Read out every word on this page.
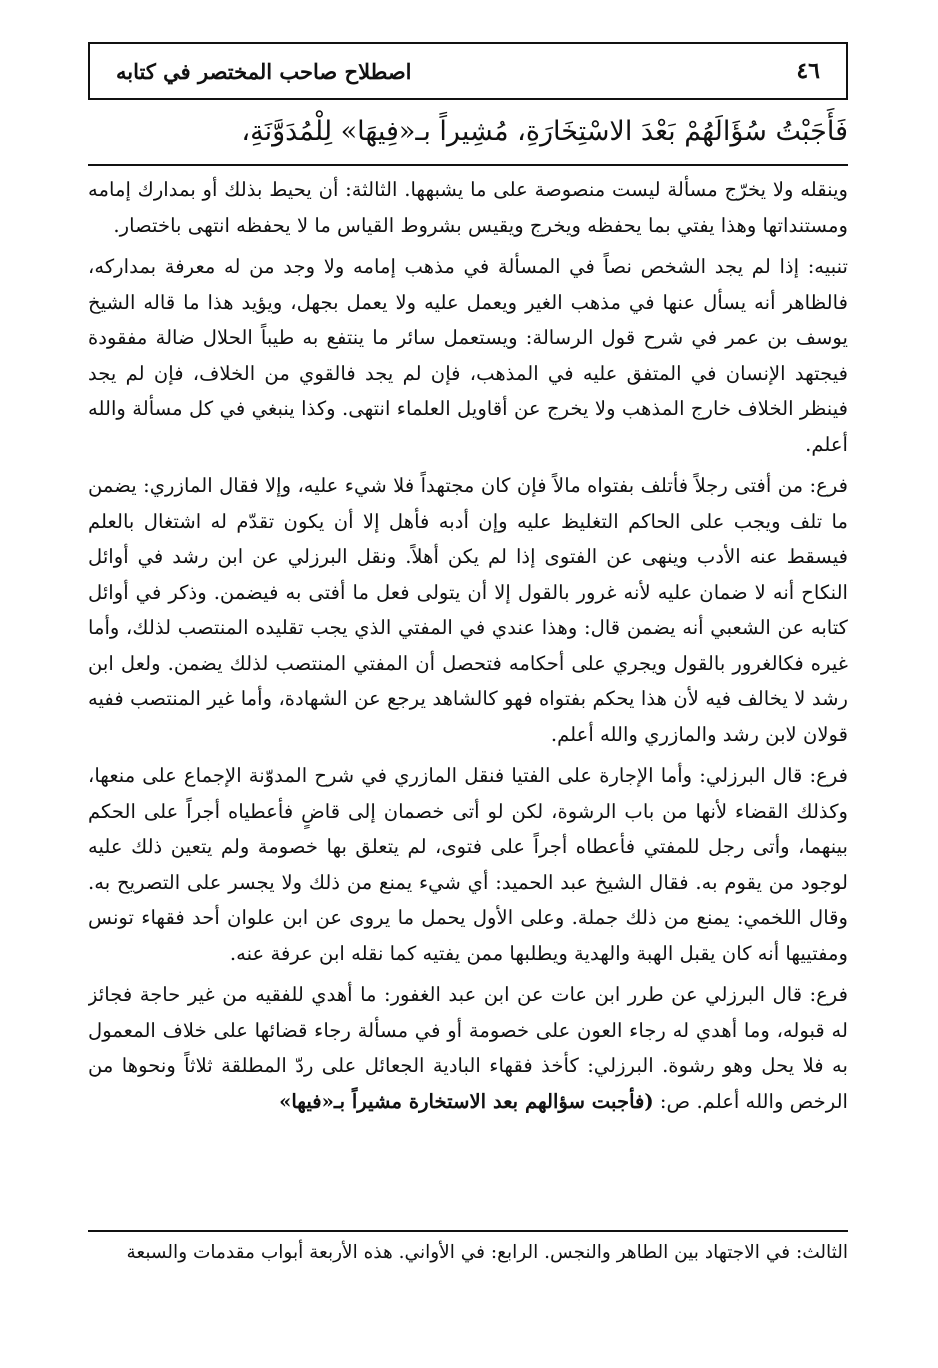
اصطلاح صاحب المختصر في كتابه	٤٦
فَأَجَبْتُ سُؤَالَهُمْ بَعْدَ الاسْتِخَارَةِ، مُشِيراً بـ«فِيهَا» لِلْمُدَوَّنَةِ،

وينقله ولا يخرّج مسألة ليست منصوصة على ما يشبهها. الثالثة: أن يحيط بذلك أو بمدارك إمامه ومستنداتها وهذا يفتي بما يحفظه ويخرج ويقيس بشروط القياس ما لا يحفظه انتهى باختصار.

تنبيه: إذا لم يجد الشخص نصاً في المسألة في مذهب إمامه ولا وجد من له معرفة بمداركه، فالظاهر أنه يسأل عنها في مذهب الغير ويعمل عليه ولا يعمل بجهل، ويؤيد هذا ما قاله الشيخ يوسف بن عمر في شرح قول الرسالة: ويستعمل سائر ما ينتفع به طيباً الحلال ضالة مفقودة فيجتهد الإنسان في المتفق عليه في المذهب، فإن لم يجد فالقوي من الخلاف، فإن لم يجد فينظر الخلاف خارج المذهب ولا يخرج عن أقاويل العلماء انتهى. وكذا ينبغي في كل مسألة والله أعلم.

فرع: من أفتى رجلاً فأتلف بفتواه مالاً فإن كان مجتهداً فلا شيء عليه، وإلا فقال المازري: يضمن ما تلف ويجب على الحاكم التغليظ عليه وإن أدبه فأهل إلا أن يكون تقدّم له اشتغال بالعلم فيسقط عنه الأدب وينهى عن الفتوى إذا لم يكن أهلاً. ونقل البرزلي عن ابن رشد في أوائل النكاح أنه لا ضمان عليه لأنه غرور بالقول إلا أن يتولى فعل ما أفتى به فيضمن. وذكر في أوائل كتابه عن الشعبي أنه يضمن قال: وهذا عندي في المفتي الذي يجب تقليده المنتصب لذلك، وأما غيره فكالغرور بالقول ويجري على أحكامه فتحصل أن المفتي المنتصب لذلك يضمن. ولعل ابن رشد لا يخالف فيه لأن هذا يحكم بفتواه فهو كالشاهد يرجع عن الشهادة، وأما غير المنتصب ففيه قولان لابن رشد والمازري والله أعلم.

فرع: قال البرزلي: وأما الإجارة على الفتيا فنقل المازري في شرح المدوّنة الإجماع على منعها، وكذلك القضاء لأنها من باب الرشوة، لكن لو أتى خصمان إلى قاضٍ فأعطياه أجراً على الحكم بينهما، وأتى رجل للمفتي فأعطاه أجراً على فتوى، لم يتعلق بها خصومة ولم يتعين ذلك عليه لوجود من يقوم به. فقال الشيخ عبد الحميد: أي شيء يمنع من ذلك ولا يجسر على التصريح به. وقال اللخمي: يمنع من ذلك جملة. وعلى الأول يحمل ما يروى عن ابن علوان أحد فقهاء تونس ومفتييها أنه كان يقبل الهبة والهدية ويطلبها ممن يفتيه كما نقله ابن عرفة عنه.

فرع: قال البرزلي عن طرر ابن عات عن ابن عبد الغفور: ما أهدي للفقيه من غير حاجة فجائز له قبوله، وما أهدي له رجاء العون على خصومة أو في مسألة رجاء قضائها على خلاف المعمول به فلا يحل وهو رشوة. البرزلي: كأخذ فقهاء البادية الجعائل على ردّ المطلقة ثلاثاً ونحوها من الرخص والله أعلم. ص: (فأجبت سؤالهم بعد الاستخارة مشيراً بـ«فيها»

الثالث: في الاجتهاد بين الطاهر والنجس. الرابع: في الأواني. هذه الأربعة أبواب مقدمات والسبعة
